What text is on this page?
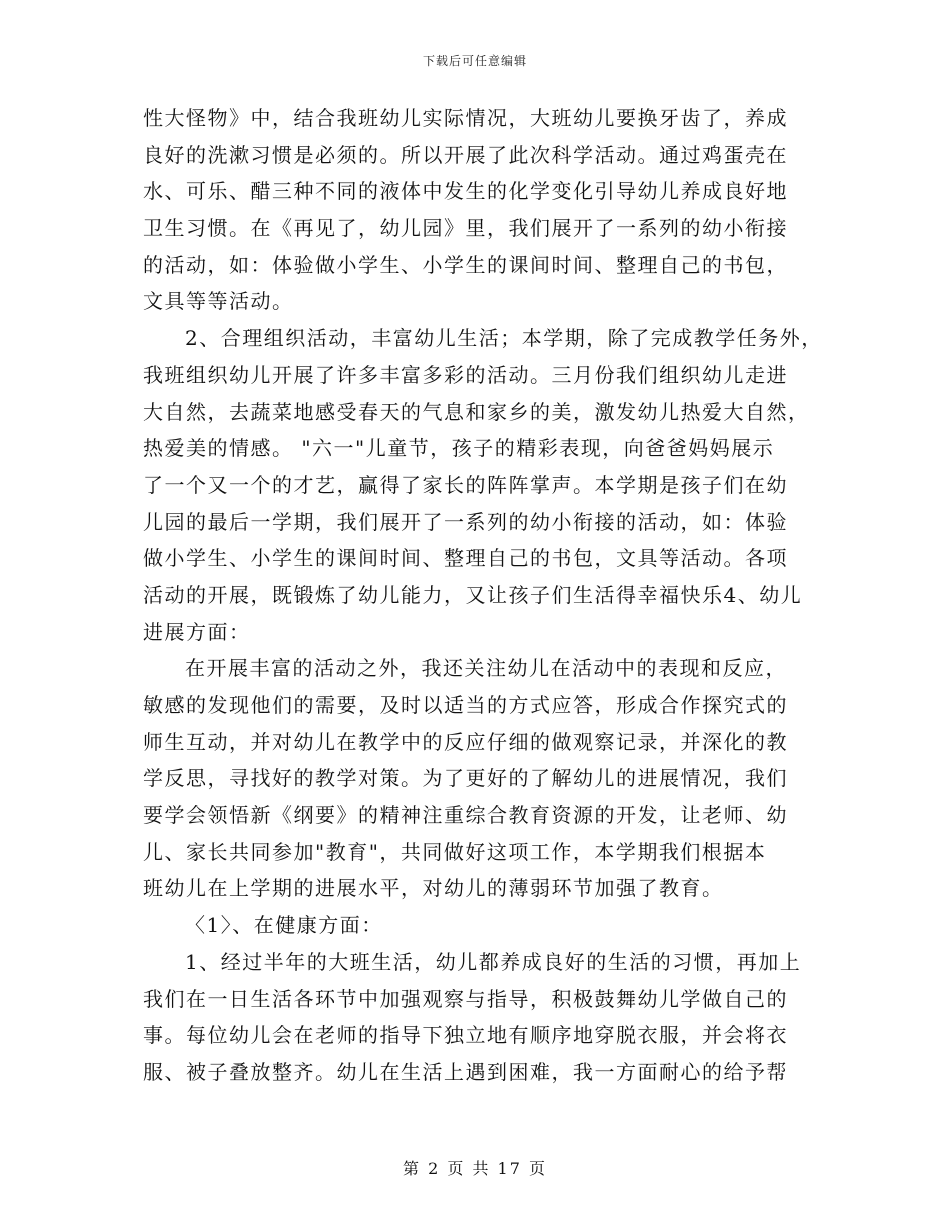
下载后可任意编辑
性大怪物》中，结合我班幼儿实际情况，大班幼儿要换牙齿了，养成
良好的洗漱习惯是必须的。所以开展了此次科学活动。通过鸡蛋壳在
水、可乐、醋三种不同的液体中发生的化学变化引导幼儿养成良好地
卫生习惯。在《再见了，幼儿园》里，我们展开了一系列的幼小衔接
的活动，如：体验做小学生、小学生的课间时间、整理自己的书包，
文具等等活动。
2、合理组织活动，丰富幼儿生活；本学期，除了完成教学任务外，
我班组织幼儿开展了许多丰富多彩的活动。三月份我们组织幼儿走进
大自然，去蔬菜地感受春天的气息和家乡的美，激发幼儿热爱大自然，
热爱美的情感。 "六一"儿童节，孩子的精彩表现，向爸爸妈妈展示
了一个又一个的才艺，赢得了家长的阵阵掌声。本学期是孩子们在幼
儿园的最后一学期，我们展开了一系列的幼小衔接的活动，如：体验
做小学生、小学生的课间时间、整理自己的书包，文具等活动。各项
活动的开展，既锻炼了幼儿能力，又让孩子们生活得幸福快乐4、幼儿
进展方面：
在开展丰富的活动之外，我还关注幼儿在活动中的表现和反应，
敏感的发现他们的需要，及时以适当的方式应答，形成合作探究式的
师生互动，并对幼儿在教学中的反应仔细的做观察记录，并深化的教
学反思，寻找好的教学对策。为了更好的了解幼儿的进展情况，我们
要学会领悟新《纲要》的精神注重综合教育资源的开发，让老师、幼
儿、家长共同参加"教育"，共同做好这项工作，本学期我们根据本
班幼儿在上学期的进展水平，对幼儿的薄弱环节加强了教育。
〈1〉、在健康方面：
1、经过半年的大班生活，幼儿都养成良好的生活的习惯，再加上
我们在一日生活各环节中加强观察与指导，积极鼓舞幼儿学做自己的
事。每位幼儿会在老师的指导下独立地有顺序地穿脱衣服，并会将衣
服、被子叠放整齐。幼儿在生活上遇到困难，我一方面耐心的给予帮
第 2 页 共 17 页
